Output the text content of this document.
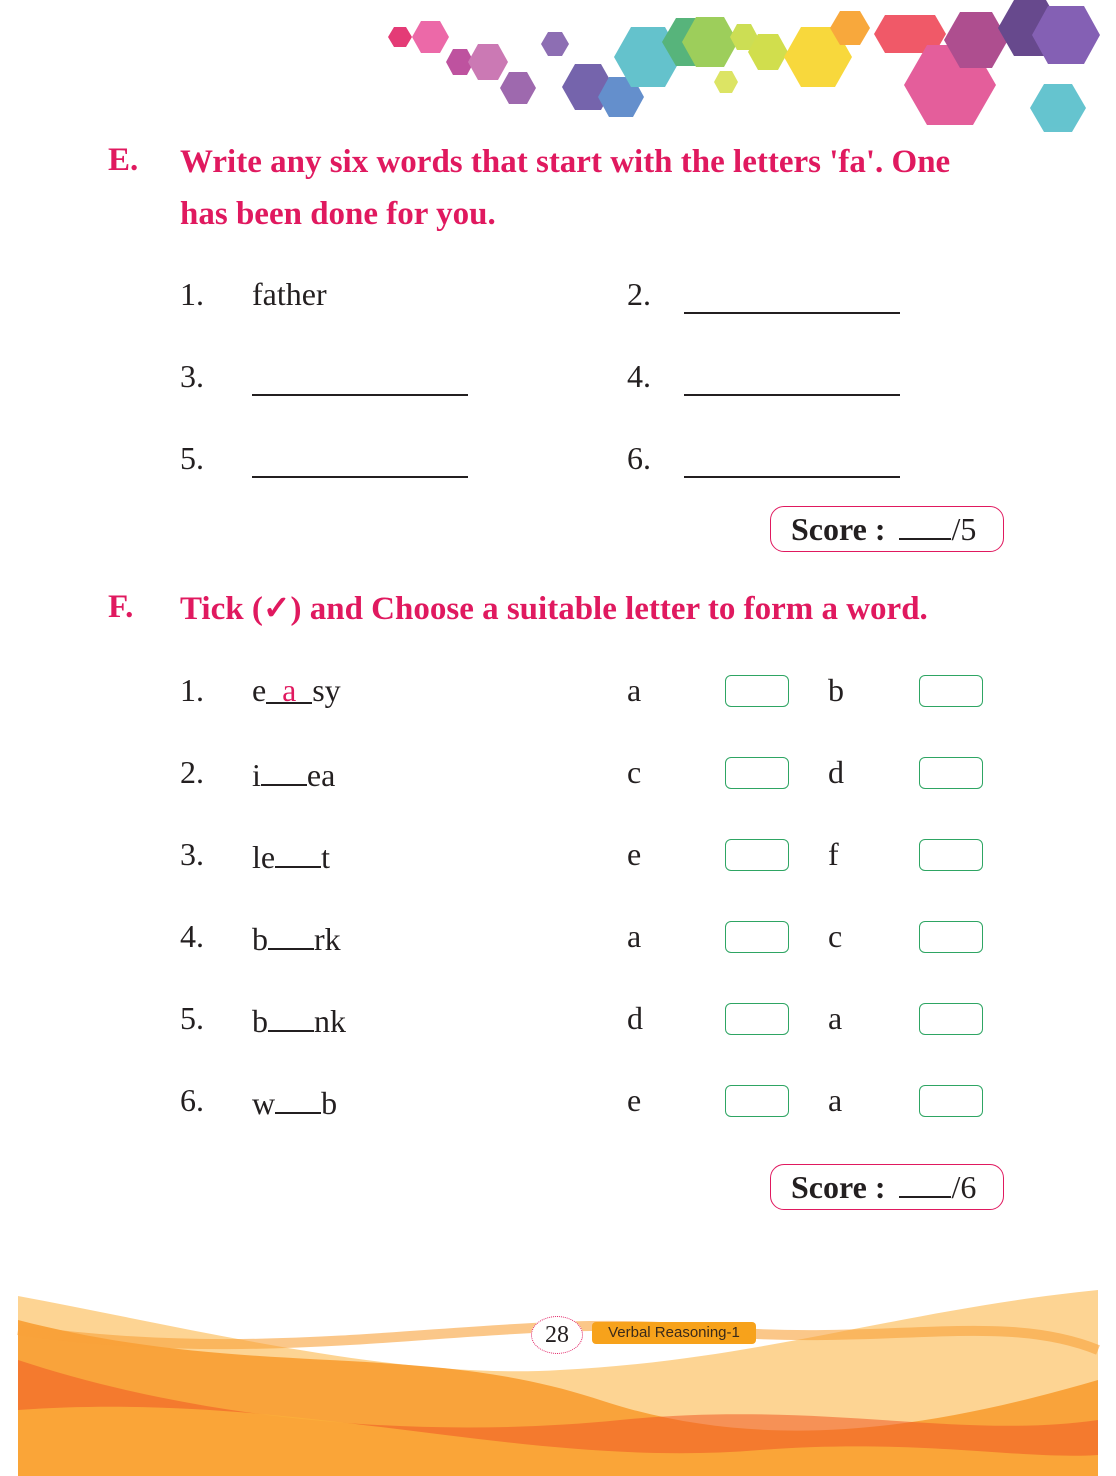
E. Write any six words that start with the letters 'fa'. One
has been done for you.
1. father	2.
3.	4.
5.	6.
Score : /5
F. Tick (✓) and Choose a suitable letter to form a word.
1. e a sy	a	b
2. i ea	c	d
3. le t	e	f
4. b rk	a	c
5. b nk	d	a
6. w b	e	a
Score : /6
28	Verbal Reasoning-1
